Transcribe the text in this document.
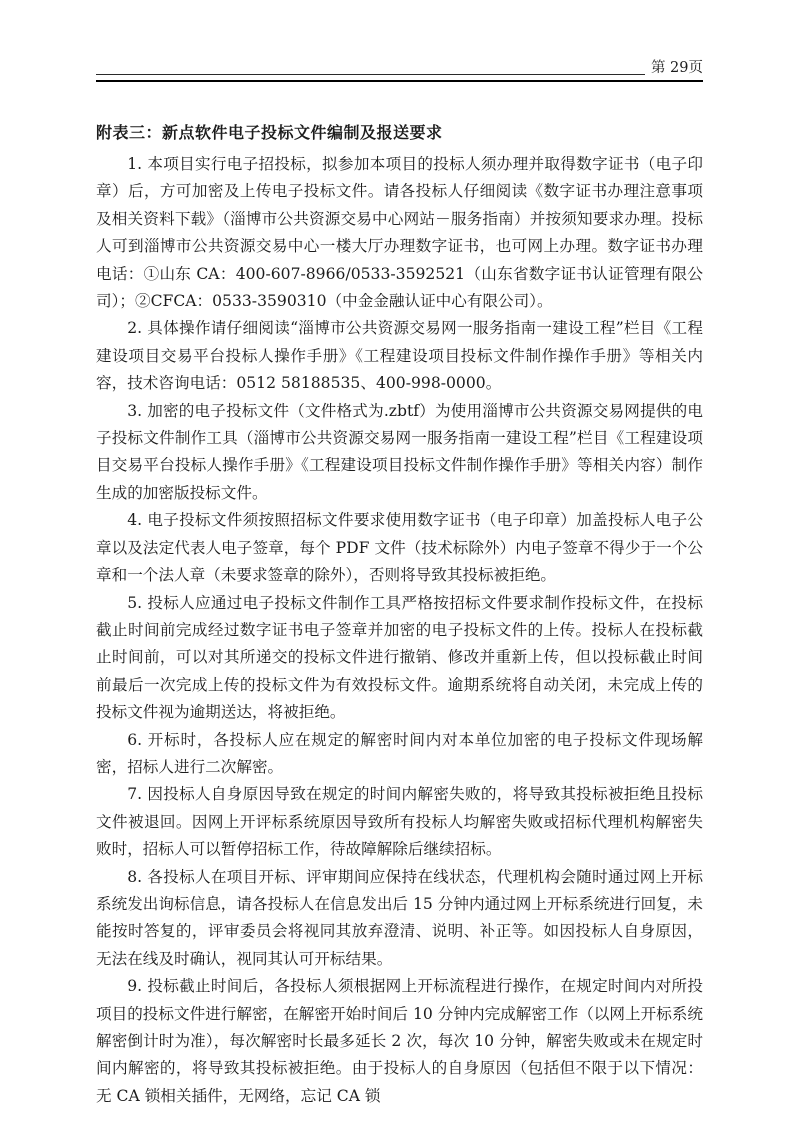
第 29页
附表三：新点软件电子投标文件编制及报送要求

1. 本项目实行电子招投标，拟参加本项目的投标人须办理并取得数字证书（电子印章）后，方可加密及上传电子投标文件。请各投标人仔细阅读《数字证书办理注意事项及相关资料下载》（淄博市公共资源交易中心网站－服务指南）并按须知要求办理。投标人可到淄博市公共资源交易中心一楼大厅办理数字证书，也可网上办理。数字证书办理电话：①山东 CA：400-607-8966/0533-3592521（山东省数字证书认证管理有限公司）；②CFCA：0533-3590310（中金金融认证中心有限公司）。

2. 具体操作请仔细阅读“淄博市公共资源交易网一服务指南一建设工程”栏目《工程建设项目交易平台投标人操作手册》《工程建设项目投标文件制作操作手册》等相关内容，技术咨询电话：0512 58188535、400-998-0000。

3. 加密的电子投标文件（文件格式为.zbtf）为使用淄博市公共资源交易网提供的电子投标文件制作工具（淄博市公共资源交易网一服务指南一建设工程”栏目《工程建设项目交易平台投标人操作手册》《工程建设项目投标文件制作操作手册》等相关内容）制作生成的加密版投标文件。

4. 电子投标文件须按照招标文件要求使用数字证书（电子印章）加盖投标人电子公章以及法定代表人电子签章，每个 PDF 文件（技术标除外）内电子签章不得少于一个公章和一个法人章（未要求签章的除外），否则将导致其投标被拒绝。

5. 投标人应通过电子投标文件制作工具严格按招标文件要求制作投标文件，在投标截止时间前完成经过数字证书电子签章并加密的电子投标文件的上传。投标人在投标截止时间前，可以对其所递交的投标文件进行撤销、修改并重新上传，但以投标截止时间前最后一次完成上传的投标文件为有效投标文件。逾期系统将自动关闭，未完成上传的投标文件视为逾期送达，将被拒绝。

6. 开标时，各投标人应在规定的解密时间内对本单位加密的电子投标文件现场解密，招标人进行二次解密。

7. 因投标人自身原因导致在规定的时间内解密失败的，将导致其投标被拒绝且投标文件被退回。因网上开评标系统原因导致所有投标人均解密失败或招标代理机构解密失败时，招标人可以暂停招标工作，待故障解除后继续招标。

8. 各投标人在项目开标、评审期间应保持在线状态，代理机构会随时通过网上开标系统发出询标信息，请各投标人在信息发出后 15 分钟内通过网上开标系统进行回复，未能按时答复的，评审委员会将视同其放弃澄清、说明、补正等。如因投标人自身原因，无法在线及时确认，视同其认可开标结果。

9. 投标截止时间后，各投标人须根据网上开标流程进行操作，在规定时间内对所投项目的投标文件进行解密，在解密开始时间后 10 分钟内完成解密工作（以网上开标系统解密倒计时为准），每次解密时长最多延长 2 次，每次 10 分钟，解密失败或未在规定时间内解密的，将导致其投标被拒绝。由于投标人的自身原因（包括但不限于以下情况：无 CA 锁相关插件，无网络，忘记 CA 锁
